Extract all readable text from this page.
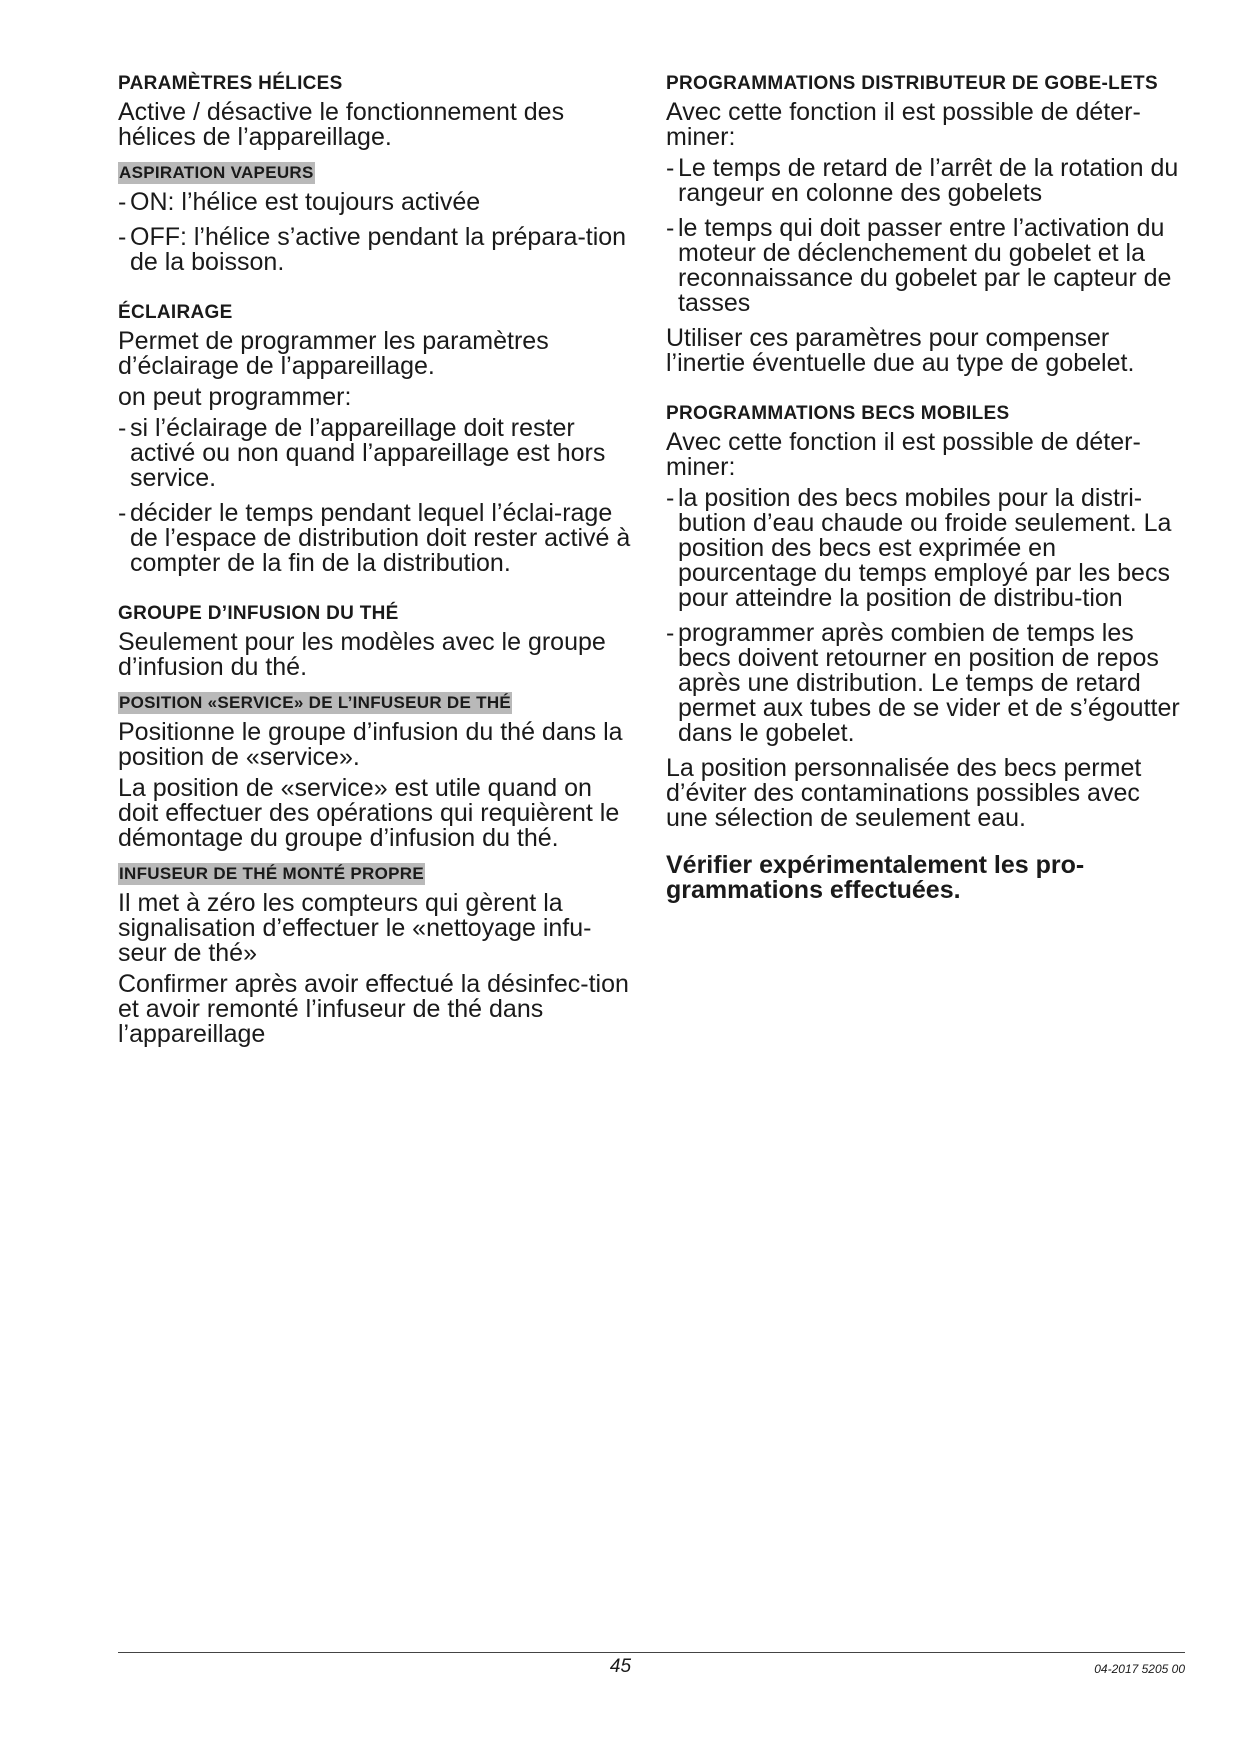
PARAMÈTRES HÉLICES
Active / désactive le fonctionnement des hélices de l’appareillage.
ASPIRATION VAPEURS
- ON: l’hélice est toujours activée
- OFF: l’hélice s’active pendant la prépara-tion de la boisson.
ÉCLAIRAGE
Permet de programmer les paramètres d’éclairage de l’appareillage.
on peut programmer:
- si l’éclairage de l’appareillage doit rester activé ou non quand l’appareillage est hors service.
- décider le temps pendant lequel l’éclai-rage de l’espace de distribution doit rester activé à compter de la fin de la distribution.
GROUPE D’INFUSION DU THÉ
Seulement pour les modèles avec le groupe d’infusion du thé.
POSITION «SERVICE» DE L’INFUSEUR DE THÉ
Positionne le groupe d’infusion du thé dans la position de «service».
La position de «service» est utile quand on doit effectuer des opérations qui requièrent le démontage du groupe d’infusion du thé.
INFUSEUR DE THÉ MONTÉ PROPRE
Il met à zéro les compteurs qui gèrent la signalisation d’effectuer le «nettoyage infu-seur de thé»
Confirmer après avoir effectué la désinfec-tion et avoir remonté l’infuseur de thé dans l’appareillage
PROGRAMMATIONS DISTRIBUTEUR DE GOBE-LETS
Avec cette fonction il est possible de déter-miner:
- Le temps de retard de l’arrêt de la rotation du rangeur en colonne des gobelets
- le temps qui doit passer entre l’activation du moteur de déclenchement du gobelet et la reconnaissance du gobelet par le capteur de tasses
Utiliser ces paramètres pour compenser l’inertie éventuelle due au type de gobelet.
PROGRAMMATIONS BECS MOBILES
Avec cette fonction il est possible de déter-miner:
- la position des becs mobiles pour la distri-bution d’eau chaude ou froide seulement. La position des becs est exprimée en pourcentage du temps employé par les becs pour atteindre la position de distribu-tion
- programmer après combien de temps les becs doivent retourner en position de repos après une distribution. Le temps de retard permet aux tubes de se vider et de s’égoutter dans le gobelet.
La position personnalisée des becs permet d’éviter des contaminations possibles avec une sélection de seulement eau.
Vérifier expérimentalement les pro-grammations effectuées.
45	04-2017 5205 00
